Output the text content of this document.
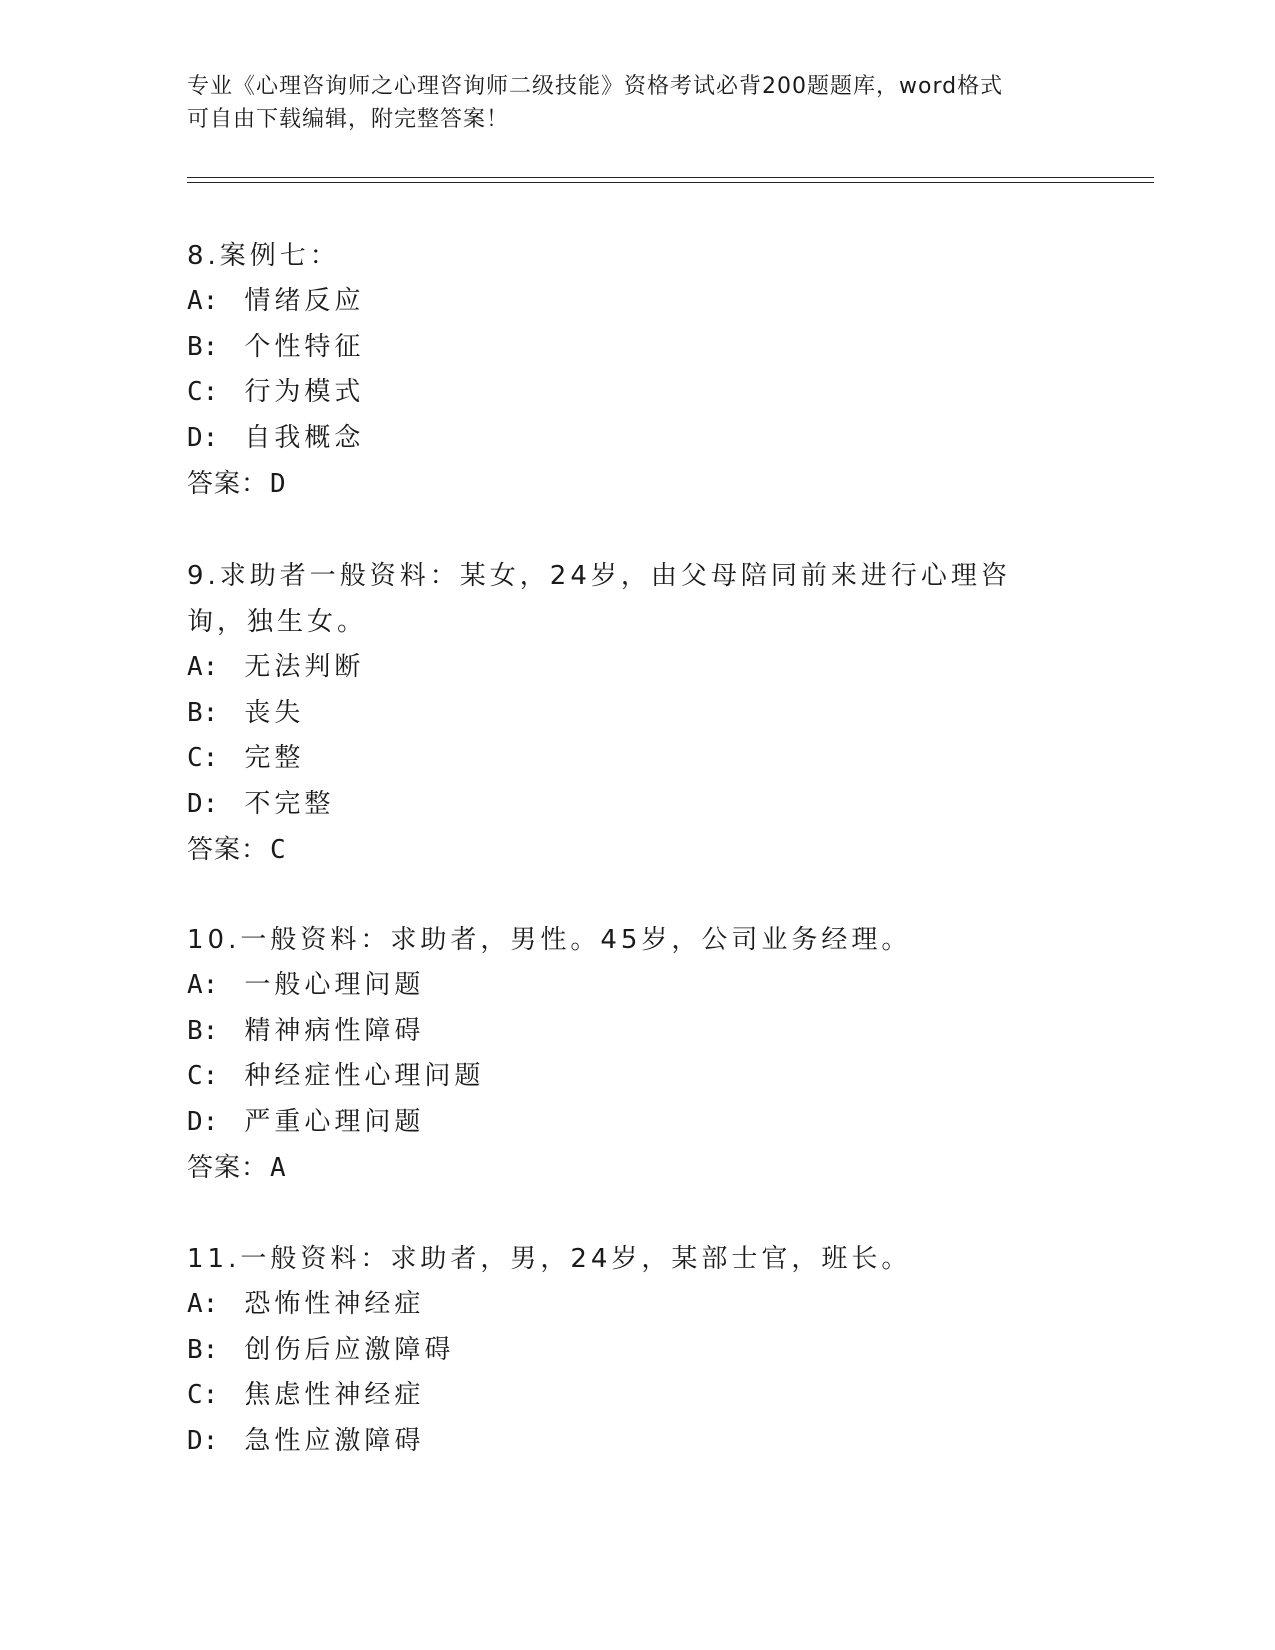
专业《心理咨询师之心理咨询师二级技能》资格考试必背200题题库，word格式
可自由下载编辑，附完整答案！

8.案例七：

A: 情绪反应

B: 个性特征

C: 行为模式

D: 自我概念

答案：D

9.求助者一般资料：某女，24岁，由父母陪同前来进行心理咨询，独生女。

A: 无法判断

B: 丧失

C: 完整

D: 不完整

答案：C

10.一般资料：求助者，男性。45岁，公司业务经理。

A: 一般心理问题

B: 精神病性障碍

C: 种经症性心理问题

D: 严重心理问题

答案：A

11.一般资料：求助者，男，24岁，某部士官，班长。

A: 恐怖性神经症

B: 创伤后应激障碍

C: 焦虑性神经症

D: 急性应激障碍
